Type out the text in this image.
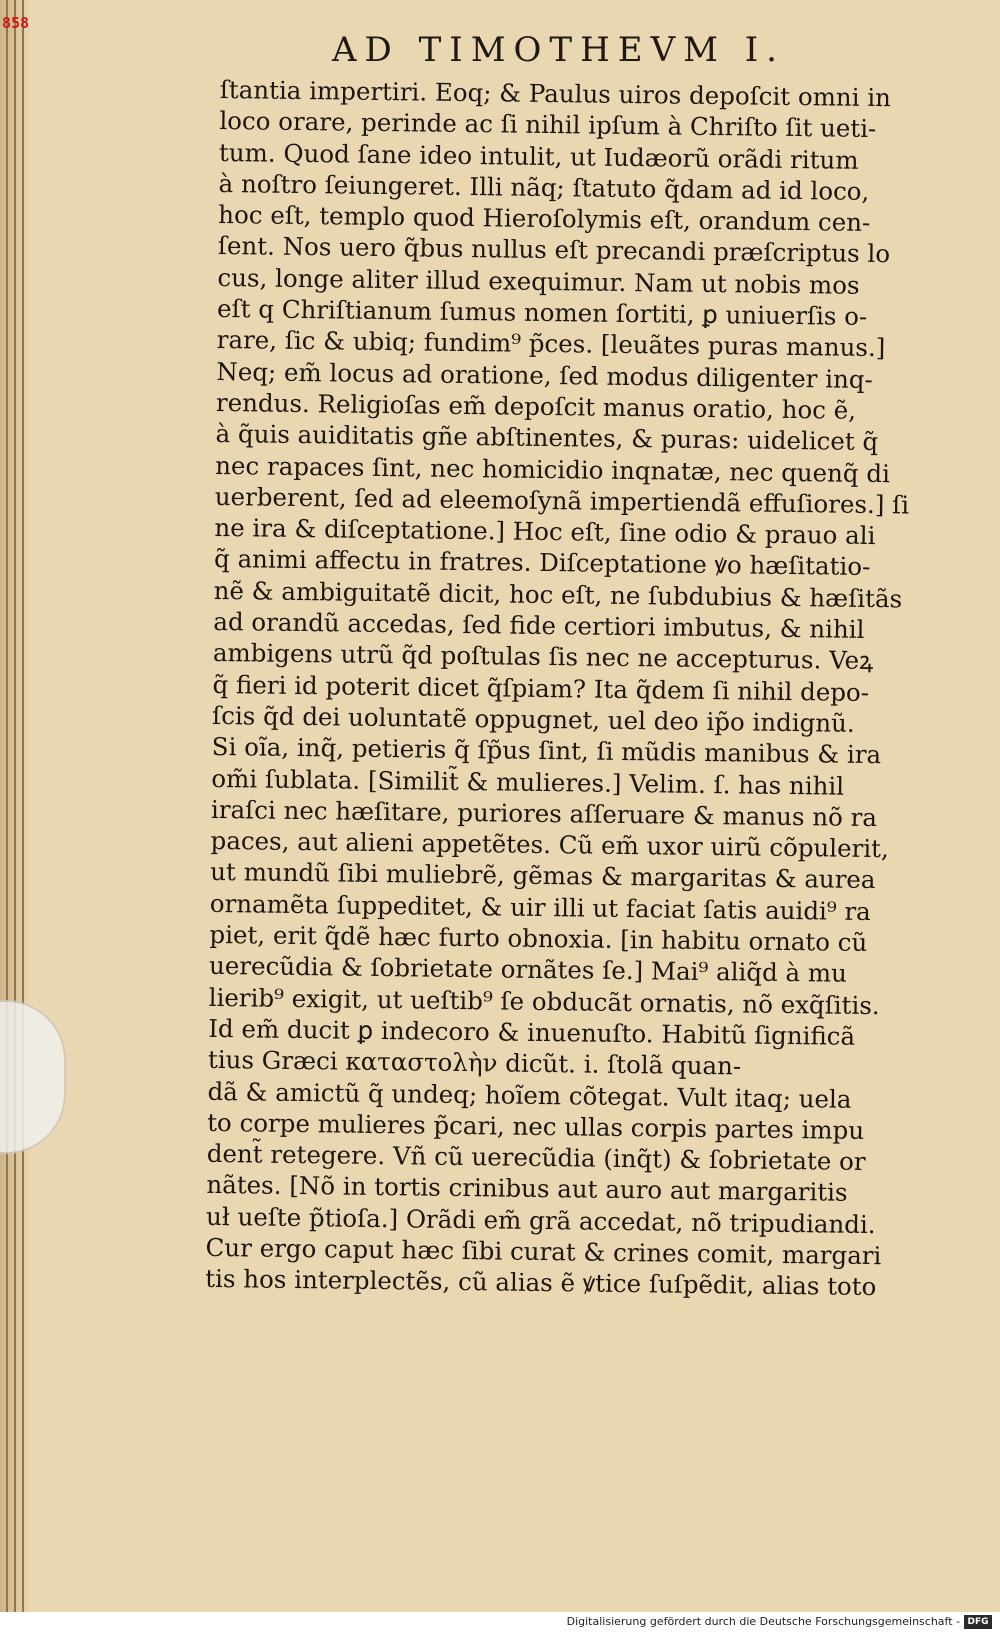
858
AD TIMOTHEVM I.
ſtantia impertiri. Eoq; & Paulus uiros depoſcit omni in
loco orare, perinde ac ſi nihil ipſum à Chriſto ſit ueti-
tum. Quod ſane ideo intulit, ut Iudæorũ orãdi ritum
à noſtro ſeiungeret. Illi nãq; ſtatuto q̃dam ad id loco,
hoc eſt, templo quod Hieroſolymis eſt, orandum cen-
ſent. Nos uero q̃bus nullus eſt precandi præſcriptus lo
cus, longe aliter illud exequimur. Nam ut nobis mos
eſt q Chriſtianum ſumus nomen ſortiti, ꝑ uniuerſis o-
rare, ſic & ubiq; fundim⁹ p̃ces. [leuãtes puras manus.]
Neq; em̃ locus ad oratione, ſed modus diligenter inq-
rendus. Religioſas em̃ depoſcit manus oratio, hoc ẽ,
à q̃uis auiditatis gñe abſtinentes, & puras: uidelicet q̃
nec rapaces ſint, nec homicidio inqnatæ, nec quenq̃ di
uerberent, ſed ad eleemoſynã impertiendã effuſiores.] ſi
ne ira & diſceptatione.] Hoc eſt, ſine odio & prauo ali
q̃ animi affectu in fratres. Diſceptatione ꝟo hæſitatio-
nẽ & ambiguitatẽ dicit, hoc eſt, ne ſubdubius & hæſitãs
ad orandũ accedas, ſed fide certiori imbutus, & nihil
ambigens utrũ q̃d poſtulas ſis nec ne accepturus. Veꝝ
q̃ fieri id poterit dicet q̃ſpiam? Ita q̃dem ſi nihil depo-
ſcis q̃d dei uoluntatẽ oppugnet, uel deo ip̃o indignũ.
Si oĩa, inq̃, petieris q̃ ſp̃us ſint, ſi mũdis manibus & ira
om̃i ſublata. [Similit̃ & mulieres.] Velim. ſ. has nihil
iraſci nec hæſitare, puriores aſſeruare & manus nõ ra
paces, aut alieni appetẽtes. Cũ em̃ uxor uirũ cõpulerit,
ut mundũ ſibi muliebrẽ, gẽmas & margaritas & aurea
ornamẽta ſuppeditet, & uir illi ut faciat ſatis auidi⁹ ra
piet, erit q̃dẽ hæc furto obnoxia. [in habitu ornato cũ
uerecũdia & ſobrietate ornãtes ſe.] Mai⁹ aliq̃d à mu
lierib⁹ exigit, ut ueſtib⁹ ſe obducãt ornatis, nõ exq̃ſitis.
Id em̃ ducit ꝑ indecoro & inuenuſto. Habitũ ſignificã
tius Græci καταστολὴν dicũt. i. ſtolã quan-
dã & amictũ q̃ undeq; hoĩem cõtegat. Vult itaq; uela
to corpe mulieres p̃cari, nec ullas corpis partes impu
dent̃ retegere. Vñ cũ uerecũdia (inq̃t) & ſobrietate or
nãtes. [Nõ in tortis crinibus aut auro aut margaritis
uł ueſte p̃tioſa.] Orãdi em̃ grã accedat, nõ tripudiandi.
Cur ergo caput hæc ſibi curat & crines comit, margari
tis hos interplectẽs, cũ alias ẽ ꝟtice ſuſpẽdit, alias toto
Digitalisierung gefördert durch die Deutsche Forschungsgemeinschaft - DFG
